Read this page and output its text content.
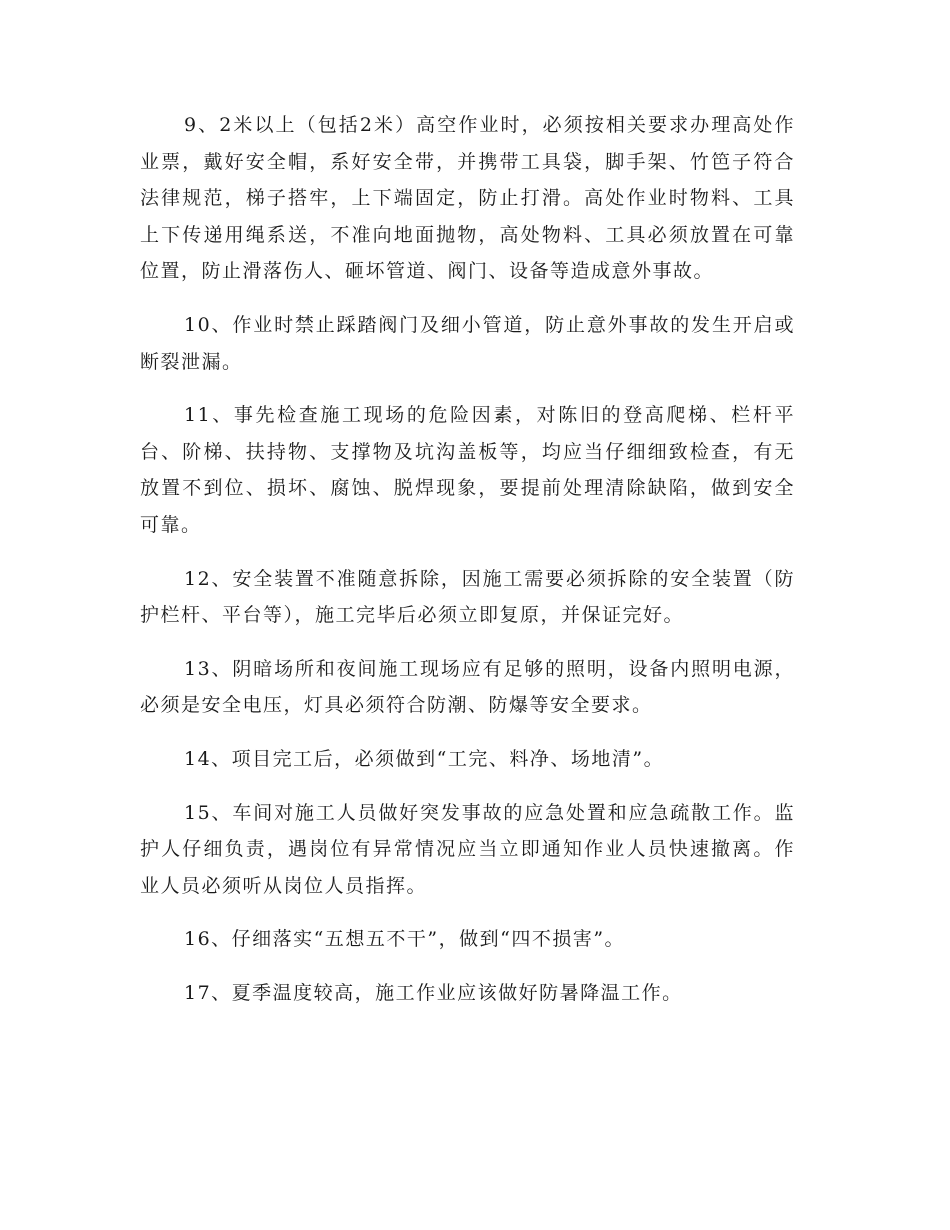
9、2米以上（包括2米）高空作业时，必须按相关要求办理高处作业票，戴好安全帽，系好安全带，并携带工具袋，脚手架、竹笆子符合法律规范，梯子搭牢，上下端固定，防止打滑。高处作业时物料、工具上下传递用绳系送，不准向地面抛物，高处物料、工具必须放置在可靠位置，防止滑落伤人、砸坏管道、阀门、设备等造成意外事故。

10、作业时禁止踩踏阀门及细小管道，防止意外事故的发生开启或断裂泄漏。

11、事先检查施工现场的危险因素，对陈旧的登高爬梯、栏杆平台、阶梯、扶持物、支撑物及坑沟盖板等，均应当仔细细致检查，有无放置不到位、损坏、腐蚀、脱焊现象，要提前处理清除缺陷，做到安全可靠。

12、安全装置不准随意拆除，因施工需要必须拆除的安全装置（防护栏杆、平台等），施工完毕后必须立即复原，并保证完好。

13、阴暗场所和夜间施工现场应有足够的照明，设备内照明电源，必须是安全电压，灯具必须符合防潮、防爆等安全要求。

14、项目完工后，必须做到“工完、料净、场地清”。

15、车间对施工人员做好突发事故的应急处置和应急疏散工作。监护人仔细负责，遇岗位有异常情况应当立即通知作业人员快速撤离。作业人员必须听从岗位人员指挥。

16、仔细落实“五想五不干”，做到“四不损害”。

17、夏季温度较高，施工作业应该做好防暑降温工作。
